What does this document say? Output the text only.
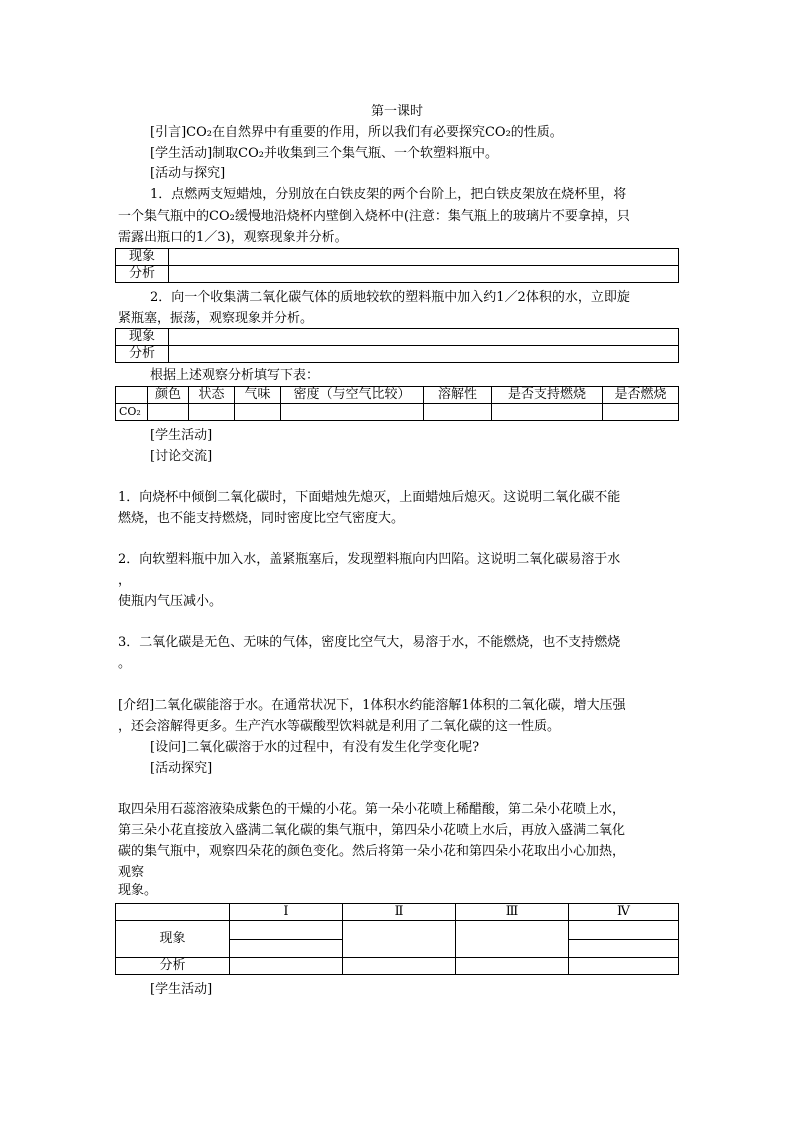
第一课时
[引言]CO₂在自然界中有重要的作用，所以我们有必要探究CO₂的性质。
[学生活动]制取CO₂并收集到三个集气瓶、一个软塑料瓶中。
[活动与探究]
1．点燃两支短蜡烛，分别放在白铁皮架的两个台阶上，把白铁皮架放在烧杯里，将
一个集气瓶中的CO₂缓慢地沿烧杯内壁倒入烧杯中(注意：集气瓶上的玻璃片不要拿掉，只
需露出瓶口的1／3)，观察现象并分析。
现象	
分析	
2．向一个收集满二氧化碳气体的质地较软的塑料瓶中加入约1／2体积的水，立即旋
紧瓶塞，振荡，观察现象并分析。
现象	
分析	
根据上述观察分析填写下表：
	颜色	状态	气味	密度（与空气比较）	溶解性	是否支持燃烧	是否燃烧
CO₂							
[学生活动]
[讨论交流]
1．向烧杯中倾倒二氧化碳时，下面蜡烛先熄灭，上面蜡烛后熄灭。这说明二氧化碳不能
燃烧，也不能支持燃烧，同时密度比空气密度大。
2．向软塑料瓶中加入水，盖紧瓶塞后，发现塑料瓶向内凹陷。这说明二氧化碳易溶于水
，
使瓶内气压减小。
3．二氧化碳是无色、无味的气体，密度比空气大，易溶于水，不能燃烧，也不支持燃烧
。
[介绍]二氧化碳能溶于水。在通常状况下，1体积水约能溶解1体积的二氧化碳，增大压强
，还会溶解得更多。生产汽水等碳酸型饮料就是利用了二氧化碳的这一性质。
[设问]二氧化碳溶于水的过程中，有没有发生化学变化呢?
[活动探究]
取四朵用石蕊溶液染成紫色的干燥的小花。第一朵小花喷上稀醋酸，第二朵小花喷上水，
第三朵小花直接放入盛满二氧化碳的集气瓶中，第四朵小花喷上水后，再放入盛满二氧化
碳的集气瓶中，观察四朵花的颜色变化。然后将第一朵小花和第四朵小花取出小心加热，
观察
现象。
	Ⅰ	Ⅱ	Ⅲ	Ⅳ
现象				

分析				
[学生活动]
